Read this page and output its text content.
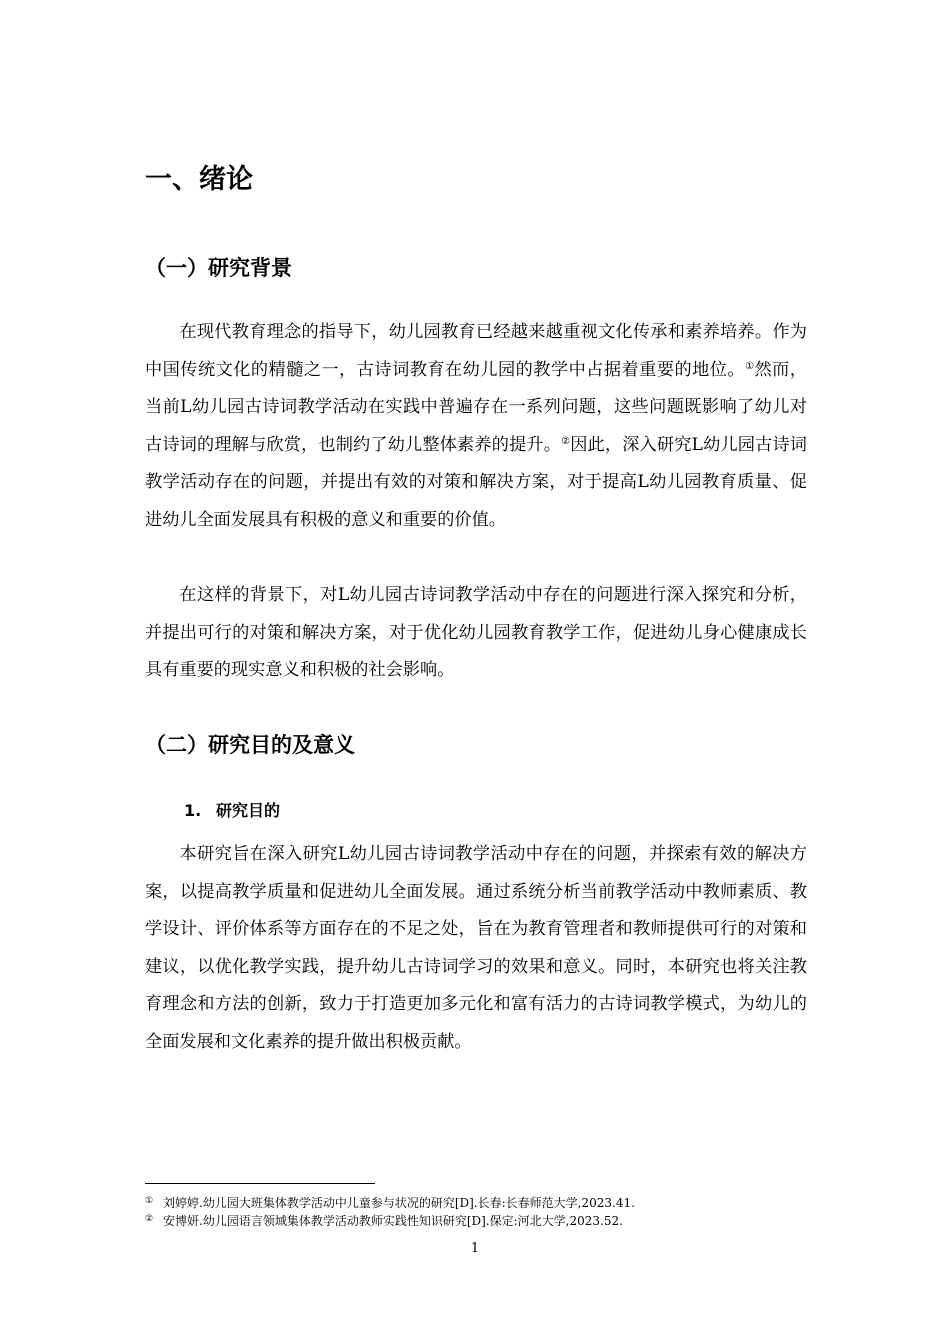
一、绪论
（一）研究背景

在现代教育理念的指导下，幼儿园教育已经越来越重视文化传承和素养培养。作为中国传统文化的精髓之一，古诗词教育在幼儿园的教学中占据着重要的地位。①然而，当前L幼儿园古诗词教学活动在实践中普遍存在一系列问题，这些问题既影响了幼儿对古诗词的理解与欣赏，也制约了幼儿整体素养的提升。②因此，深入研究L幼儿园古诗词教学活动存在的问题，并提出有效的对策和解决方案，对于提高L幼儿园教育质量、促进幼儿全面发展具有积极的意义和重要的价值。

在这样的背景下，对L幼儿园古诗词教学活动中存在的问题进行深入探究和分析，并提出可行的对策和解决方案，对于优化幼儿园教育教学工作，促进幼儿身心健康成长具有重要的现实意义和积极的社会影响。

（二）研究目的及意义
1. 研究目的

本研究旨在深入研究L幼儿园古诗词教学活动中存在的问题，并探索有效的解决方案，以提高教学质量和促进幼儿全面发展。通过系统分析当前教学活动中教师素质、教学设计、评价体系等方面存在的不足之处，旨在为教育管理者和教师提供可行的对策和建议，以优化教学实践，提升幼儿古诗词学习的效果和意义。同时，本研究也将关注教育理念和方法的创新，致力于打造更加多元化和富有活力的古诗词教学模式，为幼儿的全面发展和文化素养的提升做出积极贡献。

① 刘婷婷.幼儿园大班集体教学活动中儿童参与状况的研究[D].长春:长春师范大学,2023.41.

② 安博妍.幼儿园语言领域集体教学活动教师实践性知识研究[D].保定:河北大学,2023.52.

1
